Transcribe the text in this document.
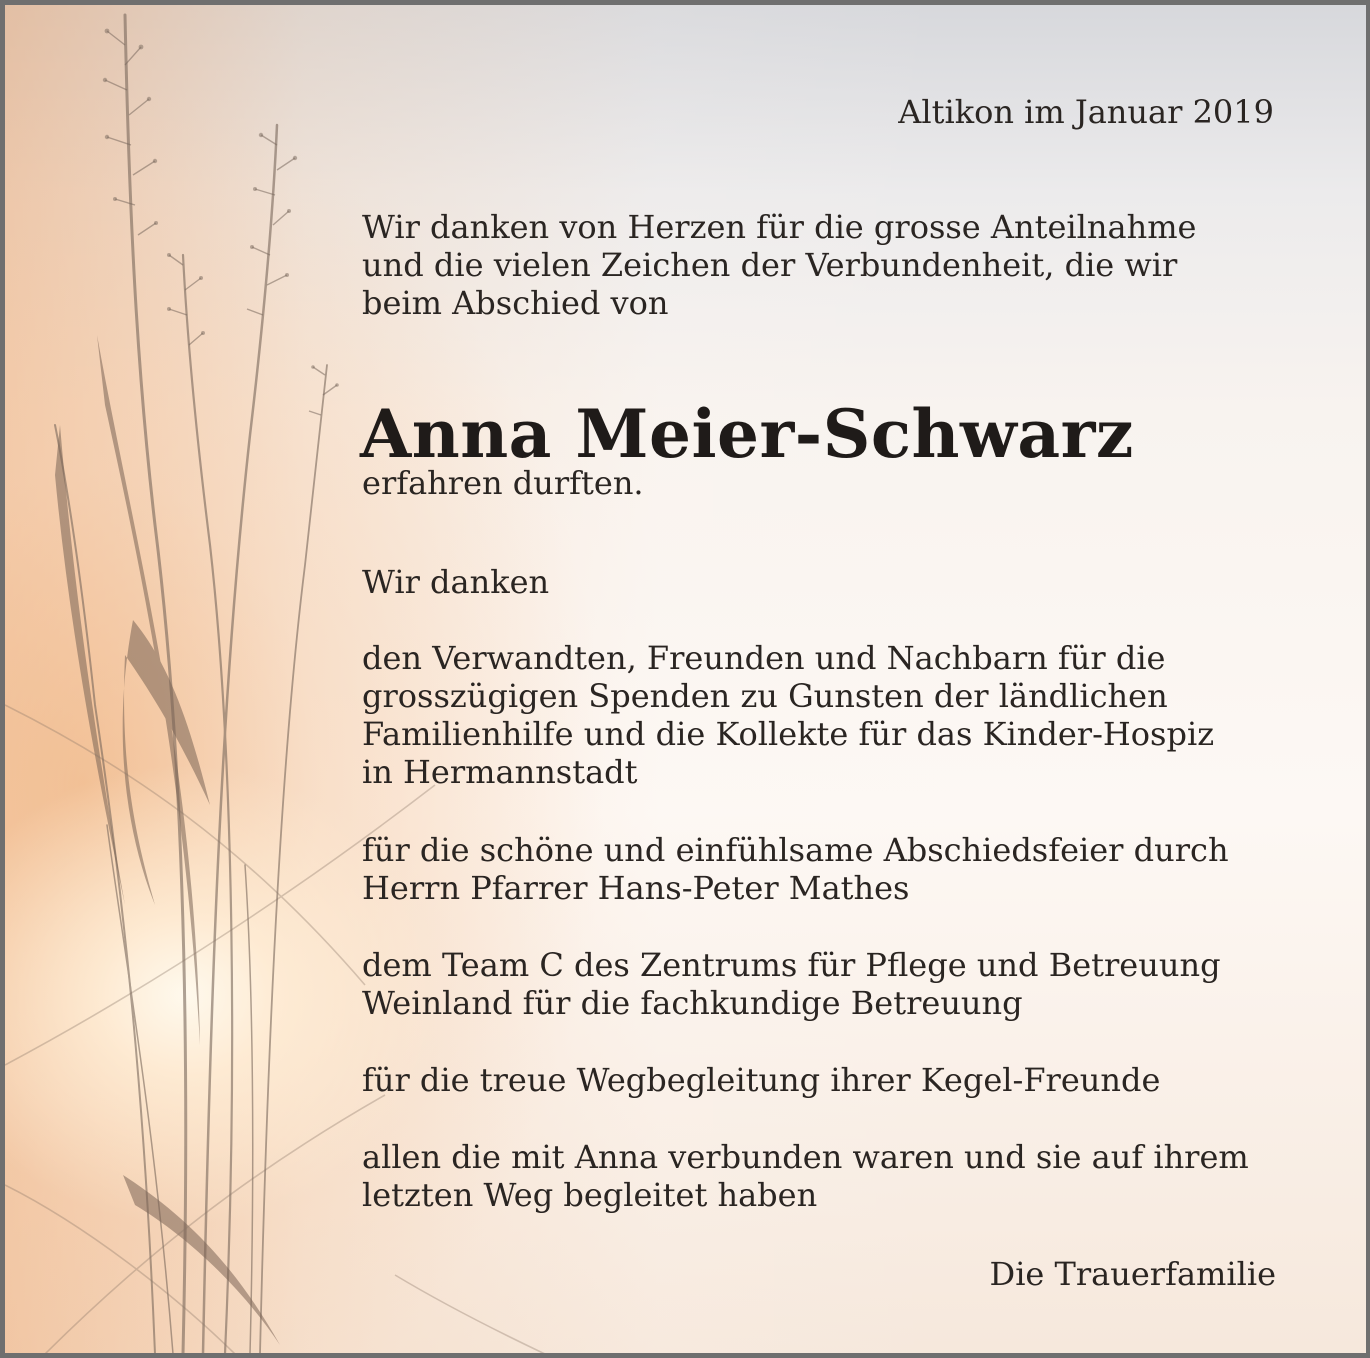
Altikon im Januar 2019

Wir danken von Herzen für die grosse Anteilnahme
und die vielen Zeichen der Verbundenheit, die wir
beim Abschied von

Anna Meier-Schwarz

erfahren durften.

Wir danken

den Verwandten, Freunden und Nachbarn für die
grosszügigen Spenden zu Gunsten der ländlichen
Familienhilfe und die Kollekte für das Kinder-Hospiz
in Hermannstadt

für die schöne und einfühlsame Abschiedsfeier durch
Herrn Pfarrer Hans-Peter Mathes

dem Team C des Zentrums für Pflege und Betreuung
Weinland für die fachkundige Betreuung

für die treue Wegbegleitung ihrer Kegel-Freunde

allen die mit Anna verbunden waren und sie auf ihrem
letzten Weg begleitet haben

Die Trauerfamilie
